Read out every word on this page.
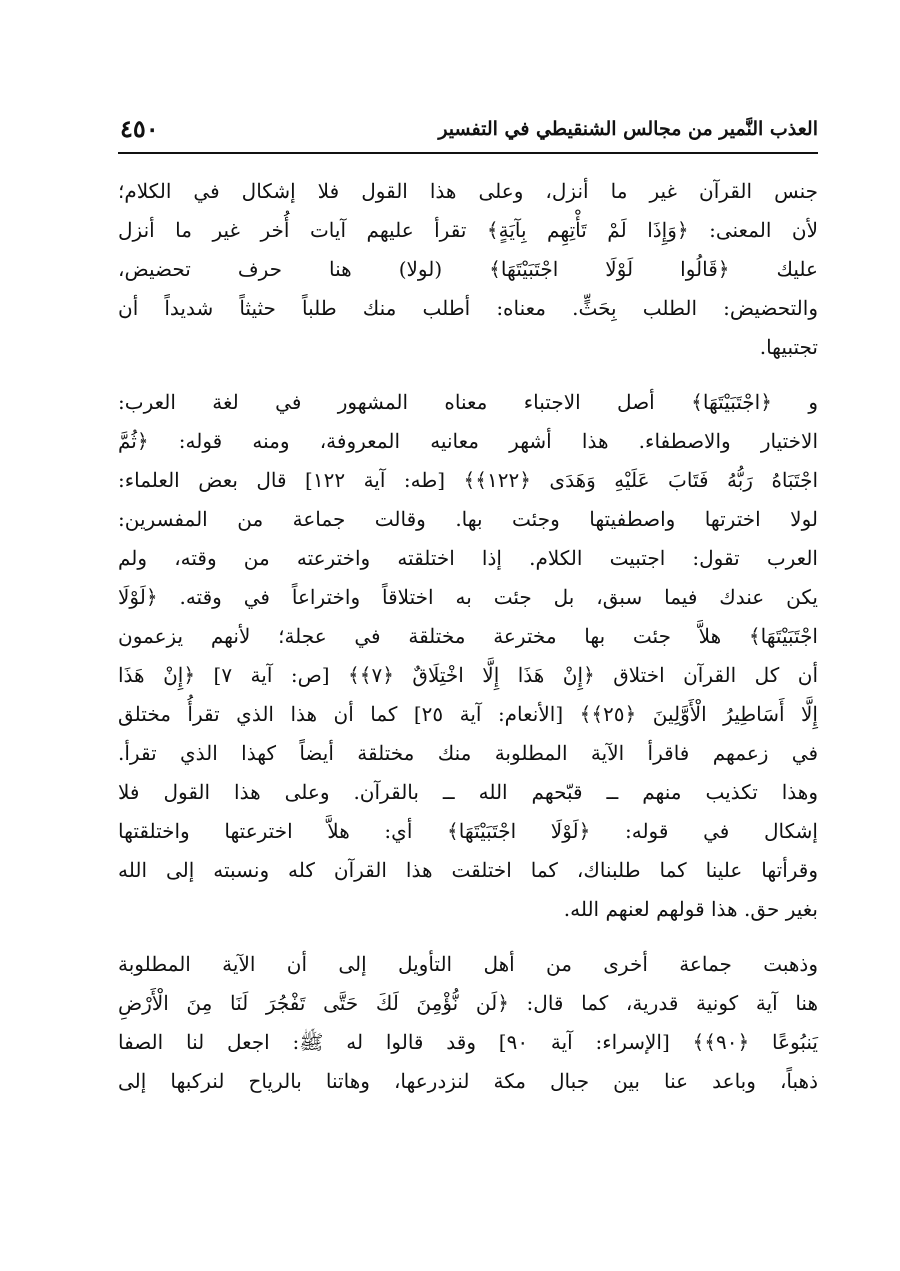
العذب النَّمير من مجالس الشنقيطي في التفسير
٤٥٠
جنس القرآن غير ما أنزل، وعلى هذا القول فلا إشكال في الكلام؛
لأن المعنى: ﴿وَإِذَا لَمْ تَأْتِهِم بِآيَةٍ﴾ تقرأ عليهم آيات أُخر غير ما أنزل
عليك ﴿قَالُوا لَوْلَا اجْتَبَيْتَهَا﴾ (لولا) هنا حرف تحضيض،
والتحضيض: الطلب بِحَثٍّ. معناه: أطلب منك طلباً حثيثاً شديداً أن
تجتبيها.
و ﴿اجْتَبَيْتَهَا﴾ أصل الاجتباء معناه المشهور في لغة العرب:
الاختيار والاصطفاء. هذا أشهر معانيه المعروفة، ومنه قوله: ﴿ثُمَّ
اجْتَبَاهُ رَبُّهُ فَتَابَ عَلَيْهِ وَهَدَى ﴿١٢٢﴾﴾ [طه: آية ١٢٢] قال بعض العلماء:
لولا اخترتها واصطفيتها وجئت بها. وقالت جماعة من المفسرين:
العرب تقول: اجتبيت الكلام. إذا اختلقته واخترعته من وقته، ولم
يكن عندك فيما سبق، بل جئت به اختلاقاً واختراعاً في وقته. ﴿لَوْلَا
اجْتَبَيْتَهَا﴾ هلاَّ جئت بها مخترعة مختلقة في عجلة؛ لأنهم يزعمون
أن كل القرآن اختلاق ﴿إِنْ هَذَا إِلَّا اخْتِلَاقٌ ﴿٧﴾﴾ [ص: آية ٧] ﴿إِنْ هَذَا
إِلَّا أَسَاطِيرُ الْأَوَّلِينَ ﴿٢٥﴾﴾ [الأنعام: آية ٢٥] كما أن هذا الذي تقرأُ مختلق
في زعمهم فاقرأ الآية المطلوبة منك مختلقة أيضاً كهذا الذي تقرأ.
وهذا تكذيب منهم ــ قبّحهم الله ــ بالقرآن. وعلى هذا القول فلا
إشكال في قوله: ﴿لَوْلَا اجْتَبَيْتَهَا﴾ أي: هلاَّ اخترعتها واختلقتها
وقرأتها علينا كما طلبناك، كما اختلقت هذا القرآن كله ونسبته إلى الله
بغير حق. هذا قولهم لعنهم الله.
وذهبت جماعة أخرى من أهل التأويل إلى أن الآية المطلوبة
هنا آية كونية قدرية، كما قال: ﴿لَن نُّؤْمِنَ لَكَ حَتَّى تَفْجُرَ لَنَا مِنَ الْأَرْضِ
يَنبُوعًا ﴿٩٠﴾﴾ [الإسراء: آية ٩٠] وقد قالوا له ﷺ: اجعل لنا الصفا
ذهباً، وباعد عنا بين جبال مكة لنزدرعها، وهاتنا بالرياح لنركبها إلى
